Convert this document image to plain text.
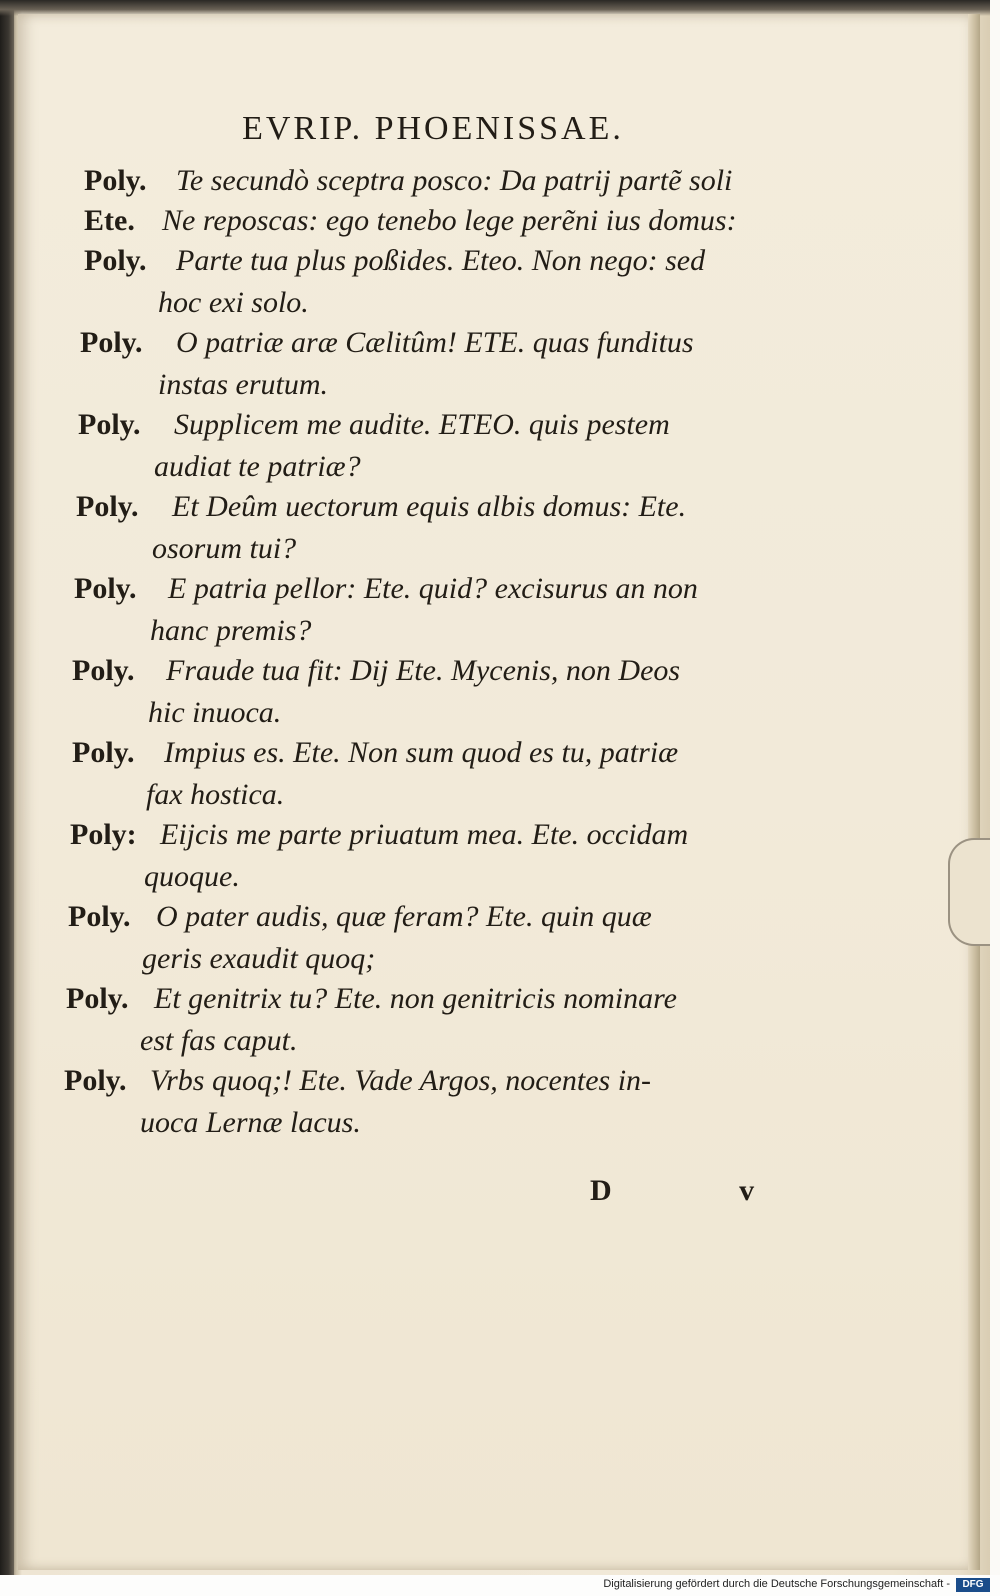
EVRIP. PHOENISSAE.
Poly. Te secundò sceptra posco: Da patrij partẽ soli
Ete. Ne reposcas: ego tenebo lege perẽni ius domus:
Poly. Parte tua plus poßides. Eteo. Non nego: sed
hoc exi solo.
Poly. O patriæ aræ Cælitûm! ETE. quas funditus
instas erutum.
Poly. Supplicem me audite. ETEO. quis pestem
audiat te patriæ?
Poly. Et Deûm uectorum equis albis domus: Ete.
osorum tui?
Poly. E patria pellor: Ete. quid? excisurus an non
hanc premis?
Poly. Fraude tua fit: Dij Ete. Mycenis, non Deos
hic inuoca.
Poly. Impius es. Ete. Non sum quod es tu, patriæ
fax hostica.
Poly: Eijcis me parte priuatum mea. Ete. occidam
quoque.
Poly. O pater audis, quæ feram? Ete. quin quæ
geris exaudit quoq;
Poly. Et genitrix tu? Ete. non genitricis nominare
est fas caput.
Poly. Vrbs quoq;! Ete. Vade Argos, nocentes in-
uoca Lernæ lacus.
D v
Digitalisierung gefördert durch die Deutsche Forschungsgemeinschaft -	DFG
